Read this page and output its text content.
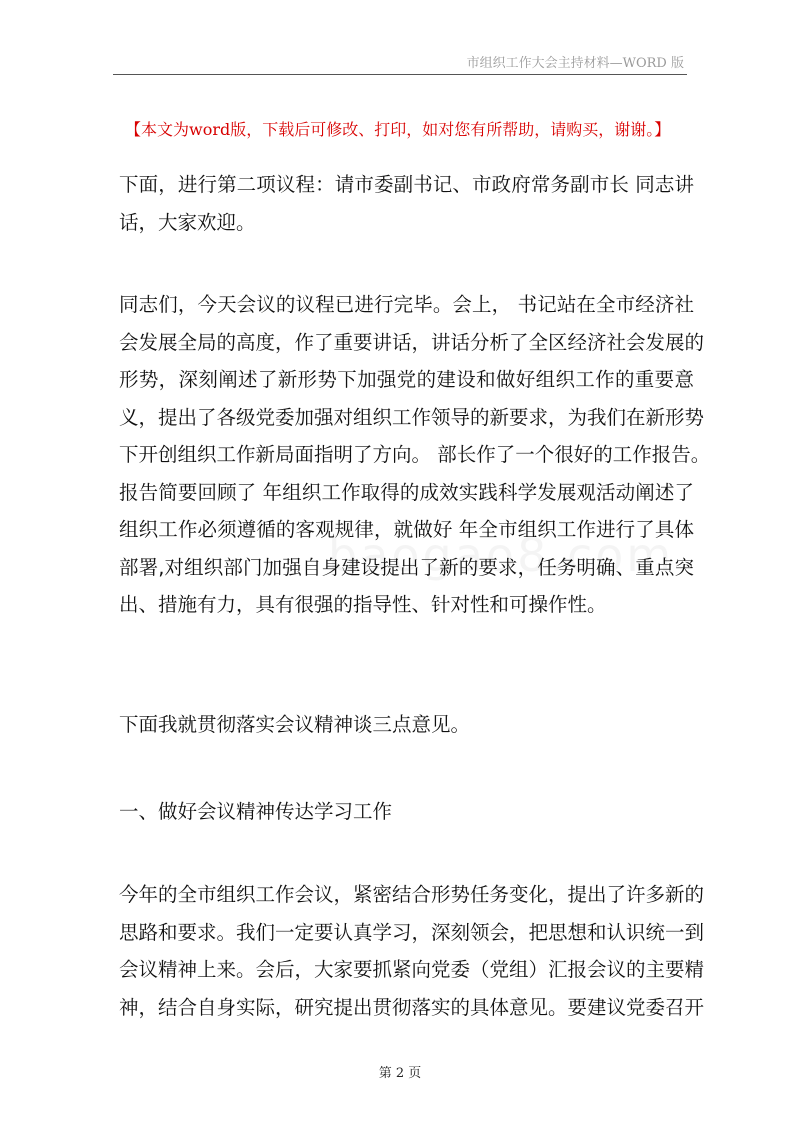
市组织工作大会主持材料—WORD 版
【本文为word版，下载后可修改、打印，如对您有所帮助，请购买，谢谢。】
下面，进行第二项议程：请市委副书记、市政府常务副市长 同志讲
话，大家欢迎。
同志们，今天会议的议程已进行完毕。会上， 书记站在全市经济社
会发展全局的高度，作了重要讲话，讲话分析了全区经济社会发展的
形势，深刻阐述了新形势下加强党的建设和做好组织工作的重要意
义，提出了各级党委加强对组织工作领导的新要求，为我们在新形势
下开创组织工作新局面指明了方向。 部长作了一个很好的工作报告。
报告简要回顾了 年组织工作取得的成效实践科学发展观活动阐述了
组织工作必须遵循的客观规律，就做好 年全市组织工作进行了具体
部署,对组织部门加强自身建设提出了新的要求，任务明确、重点突
出、措施有力，具有很强的指导性、针对性和可操作性。
下面我就贯彻落实会议精神谈三点意见。
一、做好会议精神传达学习工作
今年的全市组织工作会议，紧密结合形势任务变化，提出了许多新的
思路和要求。我们一定要认真学习，深刻领会，把思想和认识统一到
会议精神上来。会后，大家要抓紧向党委（党组）汇报会议的主要精
神，结合自身实际，研究提出贯彻落实的具体意见。要建议党委召开
第 2 页
